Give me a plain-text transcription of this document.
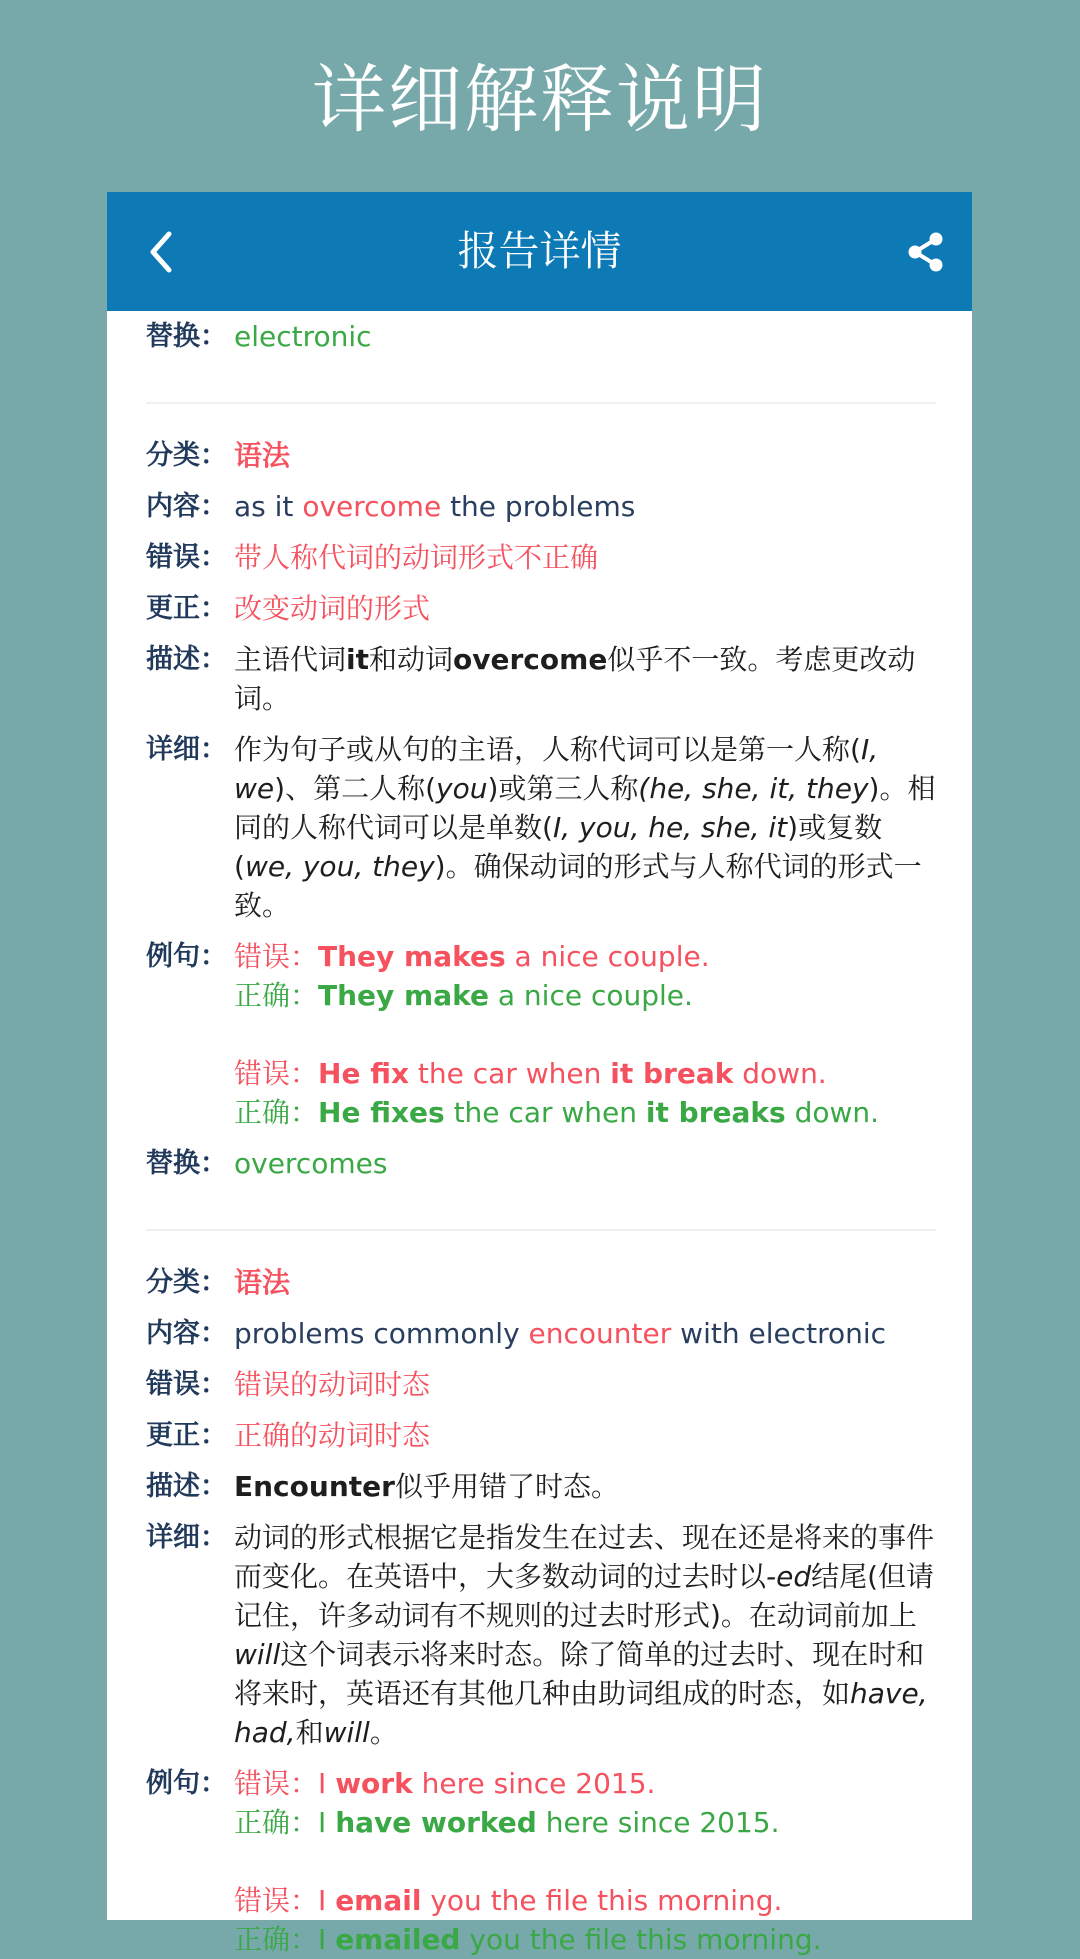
详细解释说明
报告详情
替换： electronic
分类： 语法
内容： as it overcome the problems
错误： 带人称代词的动词形式不正确
更正： 改变动词的形式
描述： 主语代词it和动词overcome似乎不一致。考虑更改动词。
详细： 作为句子或从句的主语，人称代词可以是第一人称(I, we)、第二人称(you)或第三人称(he, she, it, they)。相同的人称代词可以是单数(I, you, he, she, it)或复数(we, you, they)。确保动词的形式与人称代词的形式一致。
例句： 错误：They makes a nice couple.
正确：They make a nice couple.
错误：He fix the car when it break down.
正确：He fixes the car when it breaks down.
替换： overcomes
分类： 语法
内容： problems commonly encounter with electronic
错误： 错误的动词时态
更正： 正确的动词时态
描述： Encounter似乎用错了时态。
详细： 动词的形式根据它是指发生在过去、现在还是将来的事件而变化。在英语中，大多数动词的过去时以-ed结尾(但请记住，许多动词有不规则的过去时形式)。在动词前加上will这个词表示将来时态。除了简单的过去时、现在时和将来时，英语还有其他几种由助词组成的时态，如have, had,和will。
例句： 错误：I work here since 2015.
正确：I have worked here since 2015.
错误：I email you the file this morning.
正确：I emailed you the file this morning.
